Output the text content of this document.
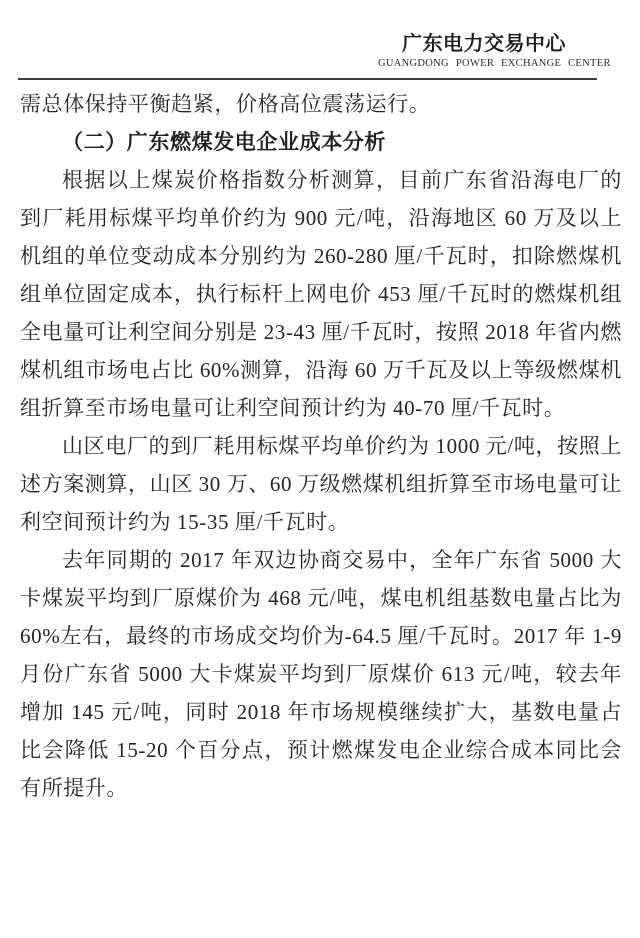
广东电力交易中心
GUANGDONG POWER EXCHANGE CENTER

需总体保持平衡趋紧，价格高位震荡运行。

（二）广东燃煤发电企业成本分析

根据以上煤炭价格指数分析测算，目前广东省沿海电厂的到厂耗用标煤平均单价约为 900 元/吨，沿海地区 60 万及以上机组的单位变动成本分别约为 260-280 厘/千瓦时，扣除燃煤机组单位固定成本，执行标杆上网电价 453 厘/千瓦时的燃煤机组全电量可让利空间分别是 23-43 厘/千瓦时，按照 2018 年省内燃煤机组市场电占比 60%测算，沿海 60 万千瓦及以上等级燃煤机组折算至市场电量可让利空间预计约为 40-70 厘/千瓦时。

山区电厂的到厂耗用标煤平均单价约为 1000 元/吨，按照上述方案测算，山区 30 万、60 万级燃煤机组折算至市场电量可让利空间预计约为 15-35 厘/千瓦时。

去年同期的 2017 年双边协商交易中，全年广东省 5000 大卡煤炭平均到厂原煤价为 468 元/吨，煤电机组基数电量占比为 60%左右，最终的市场成交均价为-64.5 厘/千瓦时。2017 年 1-9 月份广东省 5000 大卡煤炭平均到厂原煤价 613 元/吨，较去年增加 145 元/吨，同时 2018 年市场规模继续扩大，基数电量占比会降低 15-20 个百分点，预计燃煤发电企业综合成本同比会有所提升。
